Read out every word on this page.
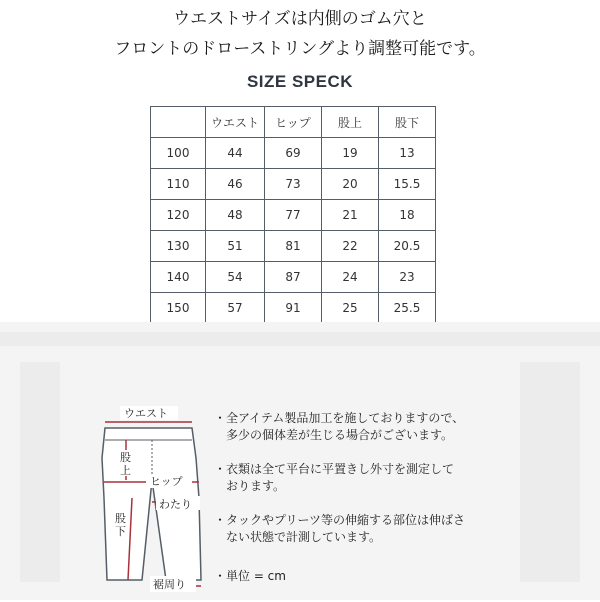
ウエストサイズは内側のゴム穴と
フロントのドローストリングより調整可能です。
SIZE SPECK
	ウエスト	ヒップ	股上	股下
100	44	69	19	13
110	46	73	20	15.5
120	48	77	21	18
130	51	81	22	20.5
140	54	87	24	23
150	57	91	25	25.5

ウエスト
股
上
ヒップ
わたり
股
下
裾周り

・全アイテム製品加工を施しておりますので、
　多少の個体差が生じる場合がございます。

・衣類は全て平台に平置きし外寸を測定して
　おります。

・タックやプリーツ等の伸縮する部位は伸ばさ
　ない状態で計測しています。

・単位 = cm
